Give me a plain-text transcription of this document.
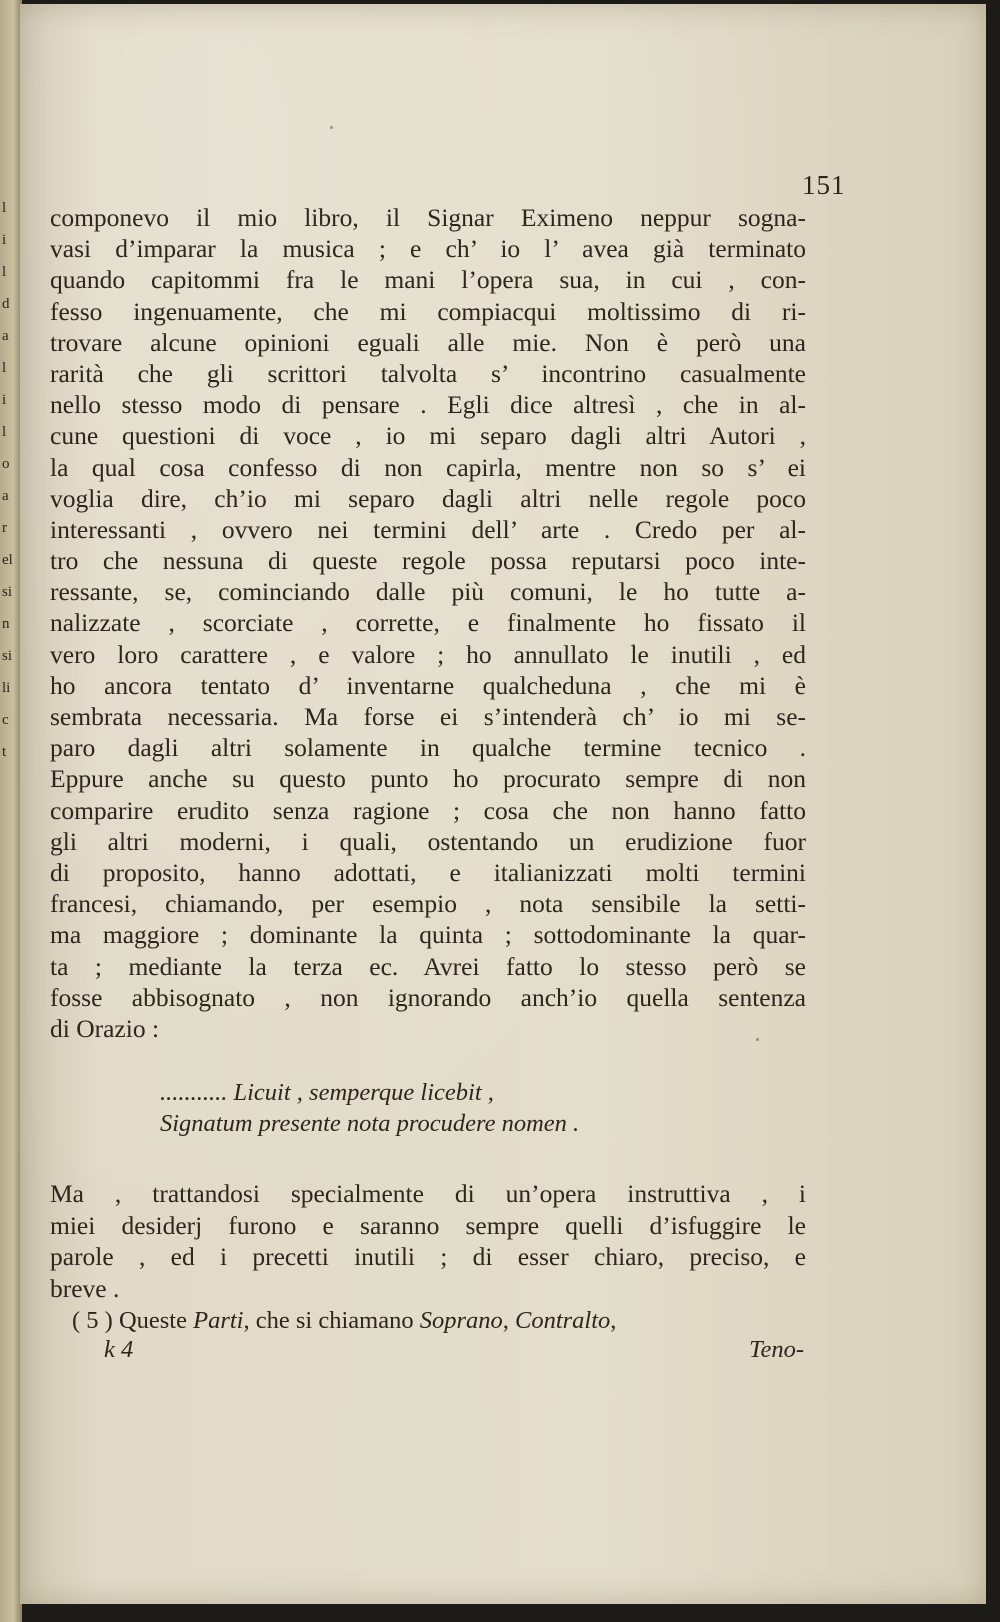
l
i
l
d
a
l
i
l
o
a
r
el
si
n
si
li
c
t
151
componevo il mio libro, il Signar Eximeno neppur sogna-
vasi d’imparar la musica ; e ch’ io l’ avea già terminato
quando capitommi fra le mani l’opera sua, in cui , con-
fesso ingenuamente, che mi compiacqui moltissimo di ri-
trovare alcune opinioni eguali alle mie. Non è però una
rarità che gli scrittori talvolta s’ incontrino casualmente
nello stesso modo di pensare . Egli dice altresì , che in al-
cune questioni di voce , io mi separo dagli altri Autori ,
la qual cosa confesso di non capirla, mentre non so s’ ei
voglia dire, ch’io mi separo dagli altri nelle regole poco
interessanti , ovvero nei termini dell’ arte . Credo per al-
tro che nessuna di queste regole possa reputarsi poco inte-
ressante, se, cominciando dalle più comuni, le ho tutte a-
nalizzate , scorciate , corrette, e finalmente ho fissato il
vero loro carattere , e valore ; ho annullato le inutili , ed
ho ancora tentato d’ inventarne qualcheduna , che mi è
sembrata necessaria. Ma forse ei s’intenderà ch’ io mi se-
paro dagli altri solamente in qualche termine tecnico .
Eppure anche su questo punto ho procurato sempre di non
comparire erudito senza ragione ; cosa che non hanno fatto
gli altri moderni, i quali, ostentando un erudizione fuor
di proposito, hanno adottati, e italianizzati molti termini
francesi, chiamando, per esempio , nota sensibile la setti-
ma maggiore ; dominante la quinta ; sottodominante la quar-
ta ; mediante la terza ec. Avrei fatto lo stesso però se
fosse abbisognato , non ignorando anch’io quella sentenza
di Orazio :
........... Licuit , semperque licebit ,
Signatum presente nota procudere nomen .
Ma , trattandosi specialmente di un’opera instruttiva , i
miei desiderj furono e saranno sempre quelli d’isfuggire le
parole , ed i precetti inutili ; di esser chiaro, preciso, e
breve .
( 5 ) Queste Parti, che si chiamano Soprano, Contralto,
k 4	Teno-
